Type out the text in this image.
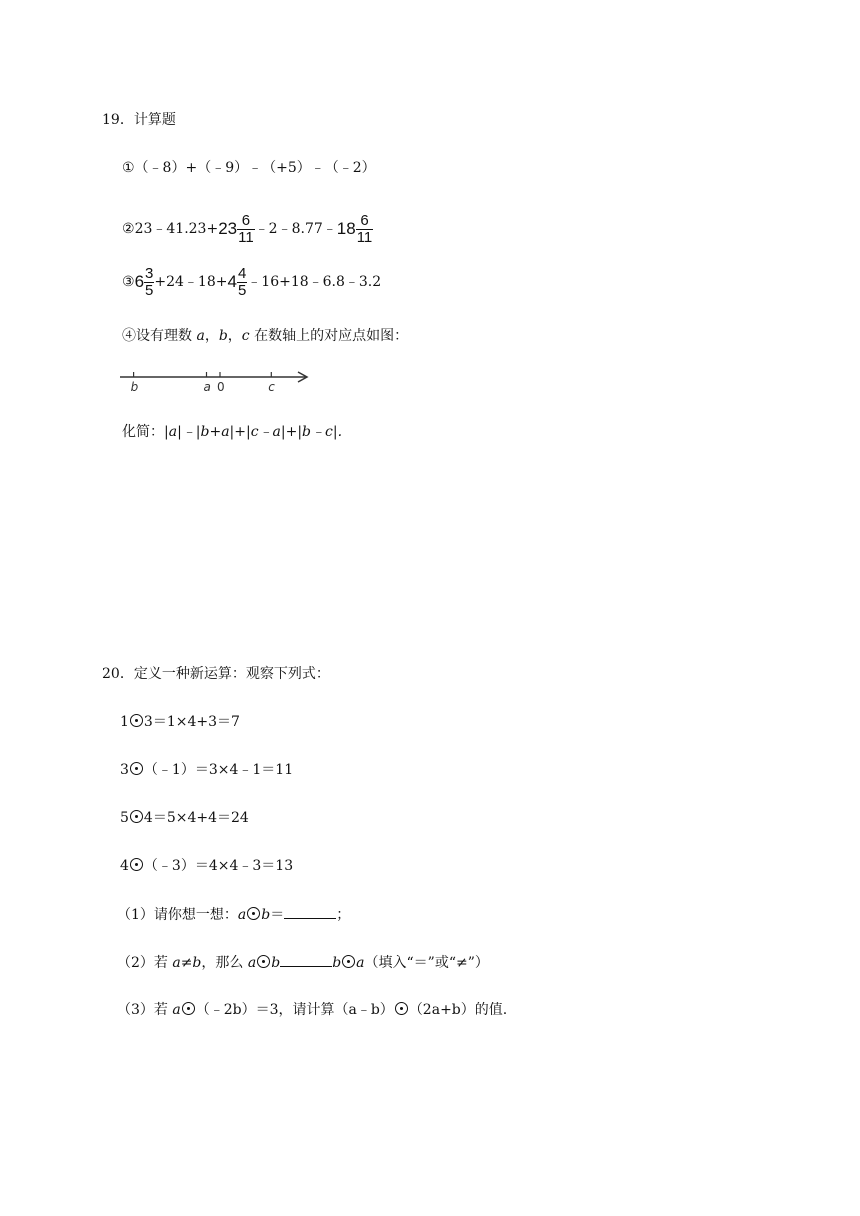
19．计算题
①（﹣8）+（﹣9）﹣（+5）﹣（﹣2）
②23﹣41.23+23 $\frac{6}{11}$ ﹣2﹣8.77﹣18 $\frac{6}{11}$
③6 $\frac{3}{5}$ +24﹣18+4 $\frac{4}{5}$ ﹣16+18﹣6.8﹣3.2
④设有理数 a，b，c 在数轴上的对应点如图：
b	a 0	c
化简：|a|﹣|b+a|+|c﹣a|+|b﹣c|.
20．定义一种新运算：观察下列式：
1 3＝1×4+3＝7
3 （﹣1）＝3×4﹣1＝11
5 4＝5×4+4＝24
4 （﹣3）＝4×4﹣3＝13
（1）请你想一想：a b＝	；
（2）若 a≠b，那么 a b	b a（填入“＝”或“≠”）
（3）若 a （﹣2b）＝3，请计算（a﹣b） （2a+b）的值.
